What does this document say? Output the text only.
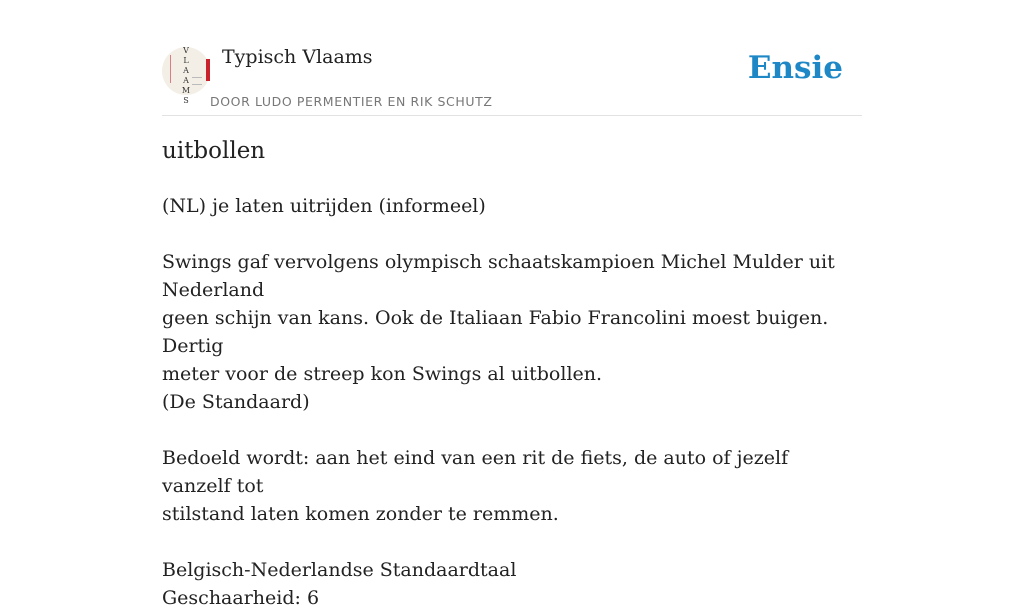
V
L
A
A
M
S
Typisch Vlaams
DOOR LUDO PERMENTIER EN RIK SCHUTZ
Ensie
uitbollen

(NL) je laten uitrijden (informeel)

Swings gaf vervolgens olympisch schaatskampioen Michel Mulder uit Nederland

geen schijn van kans. Ook de Italiaan Fabio Francolini moest buigen. Dertig

meter voor de streep kon Swings al uitbollen.

(De Standaard)

Bedoeld wordt: aan het eind van een rit de fiets, de auto of jezelf vanzelf tot

stilstand laten komen zonder te remmen.

Belgisch-Nederlandse Standaardtaal

Geschaarheid: 6
